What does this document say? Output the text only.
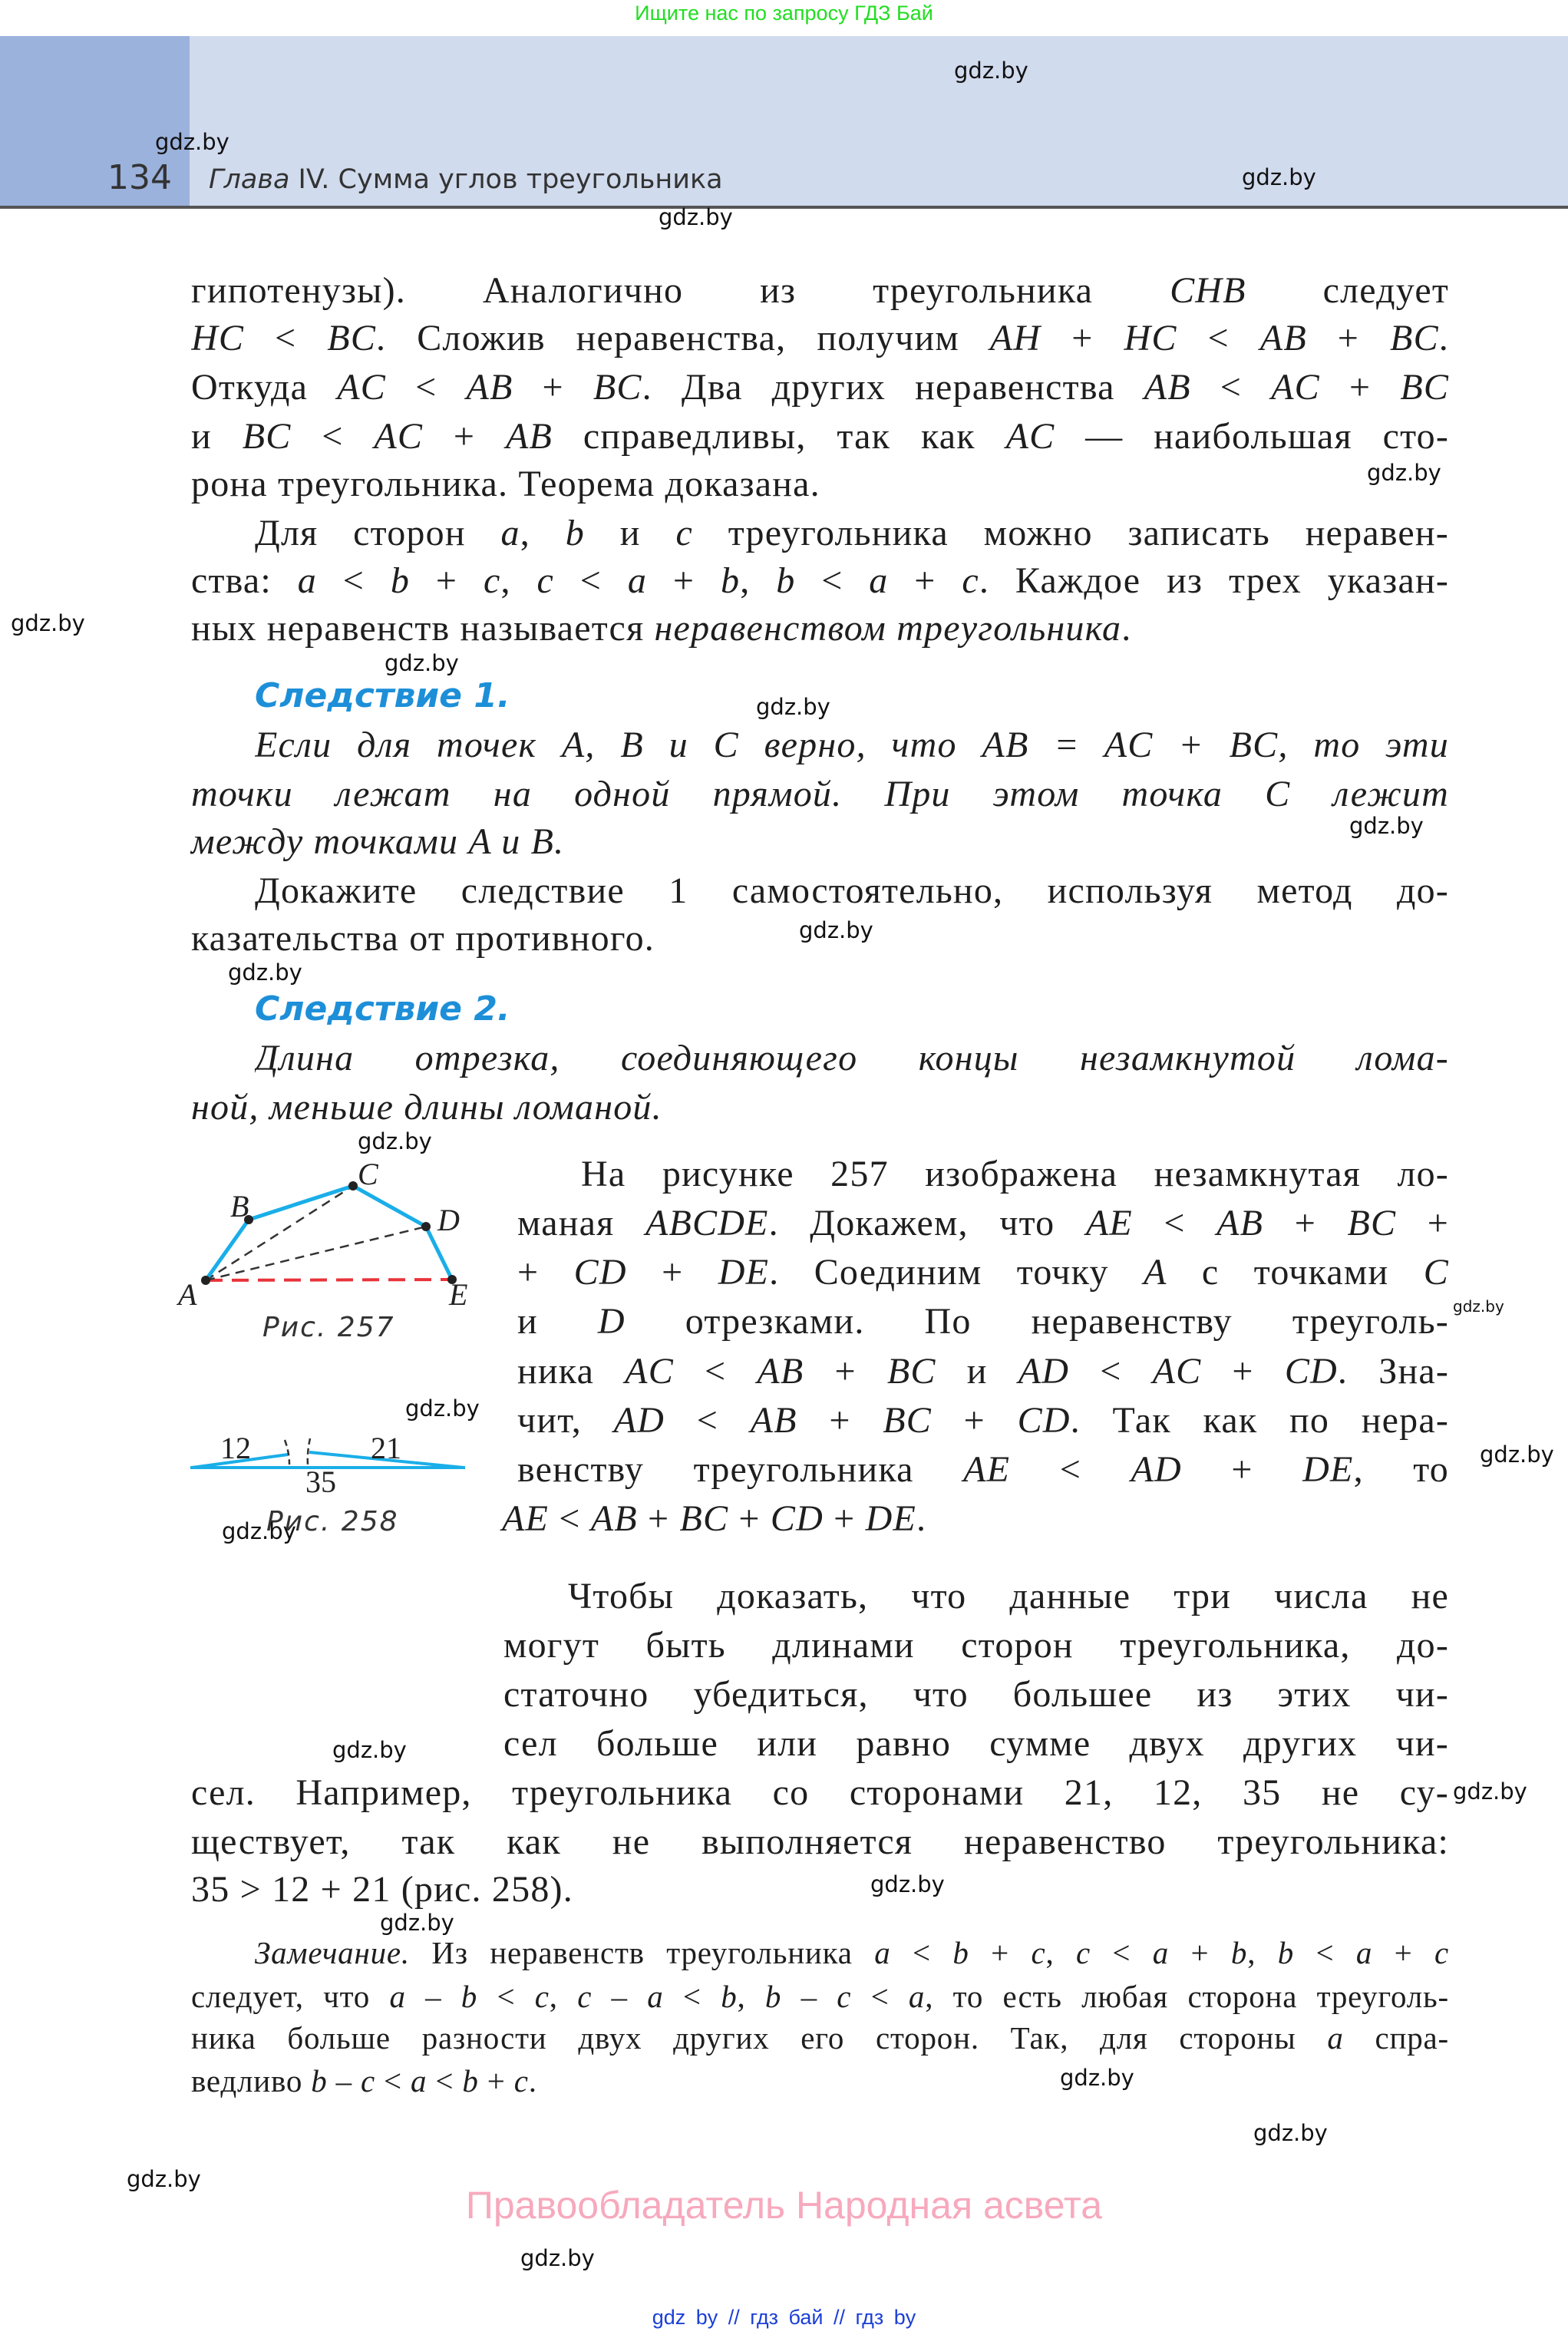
Ищите нас по запросу ГДЗ Бай
134 Глава IV. Сумма углов треугольника
гипотенузы). Аналогично из треугольника CHB следует
HC < BC. Сложив неравенства, получим AH + HC < AB + BC.
Откуда AC < AB + BC. Два других неравенства AB < AC + BC
и BC < AC + AB справедливы, так как AC — наибольшая сто-
рона треугольника. Теорема доказана.
Для сторон a, b и c треугольника можно записать неравен-
ства: a < b + c, c < a + b, b < a + c. Каждое из трех указан-
ных неравенств называется неравенством треугольника.
Если для точек A, B и C верно, что AB = AC + BC, то эти
точки лежат на одной прямой. При этом точка C лежит
между точками A и B.
Докажите следствие 1 самостоятельно, используя метод до-
казательства от противного.
Длина отрезка, соединяющего концы незамкнутой лома-
ной, меньше длины ломаной.
На рисунке 257 изображена незамкнутая ло-
маная ABCDE. Докажем, что AE < AB + BC +
+ CD + DE. Соединим точку A с точками C
и D отрезками. По неравенству треуголь-
ника AC < AB + BC и AD < AC + CD. Зна-
чит, AD < AB + BC + CD. Так как по нера-
венству треугольника AE < AD + DE, то
AE < AB + BC + CD + DE.
Чтобы доказать, что данные три числа не
могут быть длинами сторон треугольника, до-
статочно убедиться, что большее из этих чи-
сел больше или равно сумме двух других чи-
сел. Например, треугольника со сторонами 21, 12, 35 не су-
ществует, так как не выполняется неравенство треугольника:
35 > 12 + 21 (рис. 258).
Замечание. Из неравенств треугольника a < b + c, c < a + b, b < a + c
следует, что a – b < c, c – a < b, b – c < a, то есть любая сторона треуголь-
ника больше разности двух других его сторон. Так, для стороны a спра-
ведливо b – c < a < b + c.
Следствие 1.
Следствие 2.
A
B
C
D
E
Рис. 257
12	21
35
Рис. 258
gdz.by
gdz.by
gdz.by
gdz.by
gdz.by
gdz.by
gdz.by
gdz.by
gdz.by
gdz.by
gdz.by
gdz.by
gdz.by
gdz.by
gdz.by
gdz.by
gdz.by
gdz.by
gdz.by
gdz.by
gdz.by
gdz.by
gdz.by
gdz.by
Правообладатель Народная асвета
gdz by // гдз бай // гдз by
